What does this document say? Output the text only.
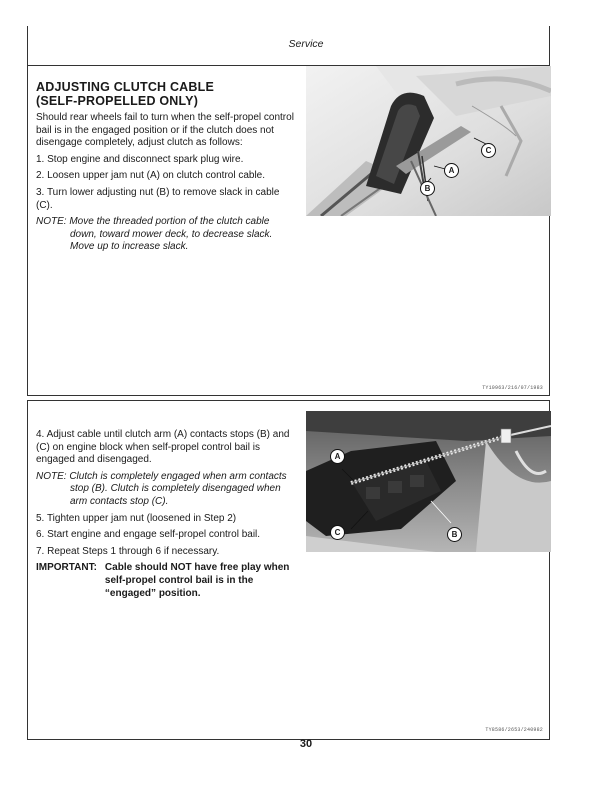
Service
ADJUSTING CLUTCH CABLE
(SELF-PROPELLED ONLY)

Should rear wheels fail to turn when the self-propel control bail is in the engaged position or if the clutch does not disengage completely, adjust clutch as follows:

1. Stop engine and disconnect spark plug wire.

2. Loosen upper jam nut (A) on clutch control cable.

3. Turn lower adjusting nut (B) to remove slack in cable (C).

NOTE: Move the threaded portion of the clutch cable down, toward mower deck, to decrease slack. Move up to increase slack.

A
B
C
TY10963/216/07/1983

4. Adjust cable until clutch arm (A) contacts stops (B) and (C) on engine block when self-propel control bail is engaged and disengaged.

NOTE: Clutch is completely engaged when arm contacts stop (B). Clutch is completely disengaged when arm contacts stop (C).

5. Tighten upper jam nut (loosened in Step 2)

6. Start engine and engage self-propel control bail.

7. Repeat Steps 1 through 6 if necessary.

IMPORTANT: Cable should NOT have free play when self-propel control bail is in the “engaged” position.
A
B
C
TY8586/2653/240982
30
